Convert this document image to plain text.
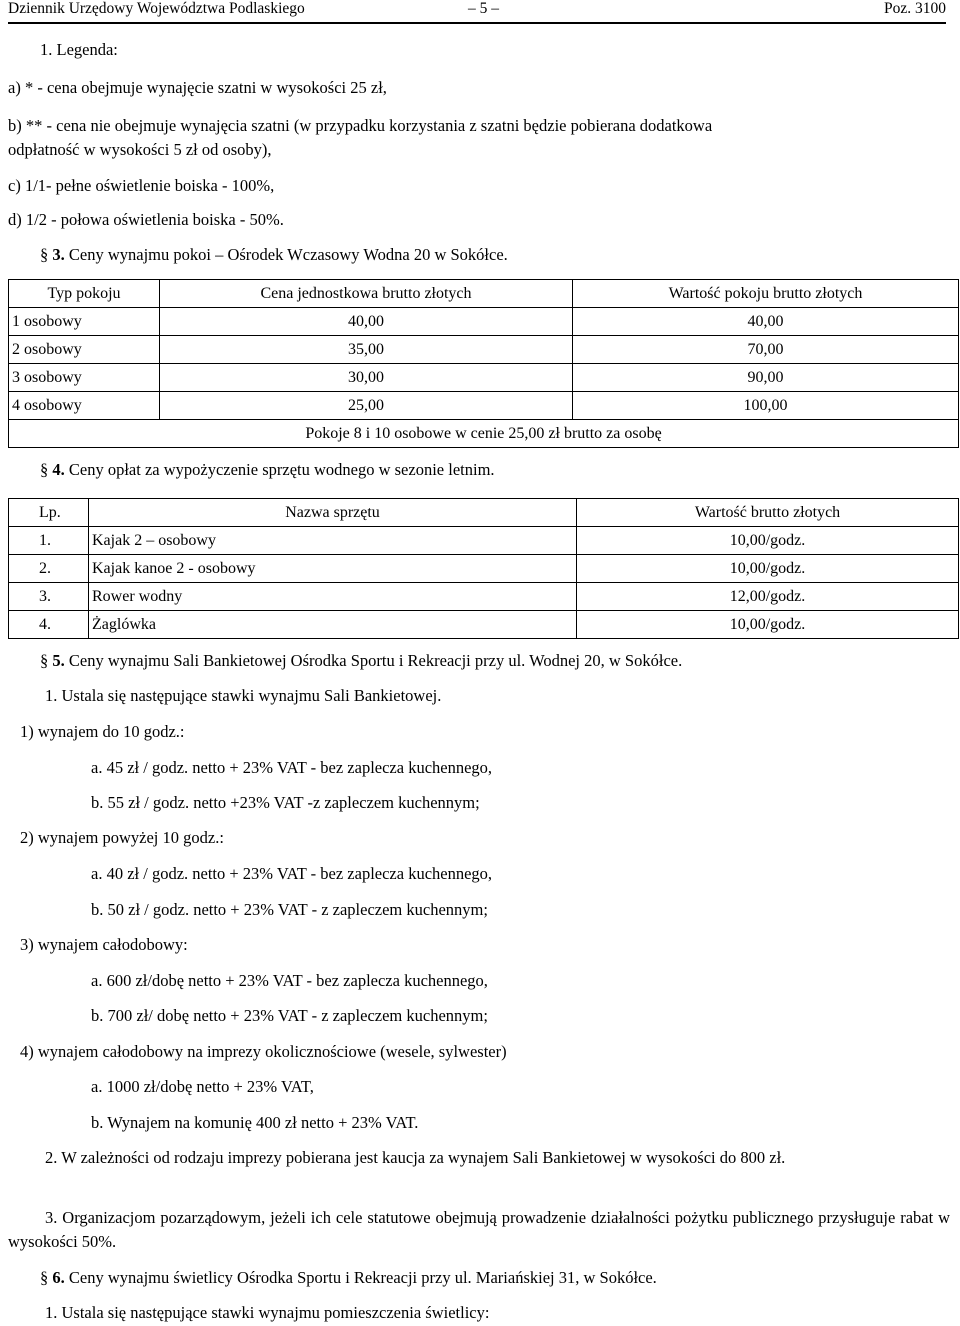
Dziennik Urzędowy Województwa Podlaskiego	– 5 –	Poz. 3100
1. Legenda:
a) * - cena obejmuje wynajęcie szatni w wysokości 25 zł,
b) ** - cena nie obejmuje wynajęcia szatni (w przypadku korzystania z szatni będzie pobierana dodatkowa
odpłatność w wysokości 5 zł od osoby),
c) 1/1- pełne oświetlenie boiska - 100%,
d) 1/2 - połowa oświetlenia boiska - 50%.
§ 3. Ceny wynajmu pokoi – Ośrodek Wczasowy Wodna 20 w Sokółce.
Typ pokoju	Cena jednostkowa brutto złotych	Wartość pokoju brutto złotych
1 osobowy	40,00	40,00
2 osobowy	35,00	70,00
3 osobowy	30,00	90,00
4 osobowy	25,00	100,00
Pokoje 8 i 10 osobowe w cenie 25,00 zł brutto za osobę		
§ 4. Ceny opłat za wypożyczenie sprzętu wodnego w sezonie letnim.
Lp.	Nazwa sprzętu	Wartość brutto złotych
1.	Kajak 2 – osobowy	10,00/godz.
2.	Kajak kanoe 2 - osobowy	10,00/godz.
3.	Rower wodny	12,00/godz.
4.	Żaglówka	10,00/godz.
§ 5. Ceny wynajmu Sali Bankietowej Ośrodka Sportu i Rekreacji przy ul. Wodnej 20, w Sokółce.
1. Ustala się następujące stawki wynajmu Sali Bankietowej.
1) wynajem do 10 godz.:
a. 45 zł / godz. netto + 23% VAT - bez zaplecza kuchennego,
b. 55 zł / godz. netto +23% VAT -z zapleczem kuchennym;
2) wynajem powyżej 10 godz.:
a. 40 zł / godz. netto + 23% VAT - bez zaplecza kuchennego,
b. 50 zł / godz. netto + 23% VAT - z zapleczem kuchennym;
3) wynajem całodobowy:
a. 600 zł/dobę netto + 23% VAT - bez zaplecza kuchennego,
b. 700 zł/ dobę netto + 23% VAT - z zapleczem kuchennym;
4) wynajem całodobowy na imprezy okolicznościowe (wesele, sylwester)
a. 1000 zł/dobę netto + 23% VAT,
b. Wynajem na komunię 400 zł netto + 23% VAT.
2. W zależności od rodzaju imprezy pobierana jest kaucja za wynajem Sali Bankietowej w wysokości do 800 zł.
3. Organizacjom pozarządowym, jeżeli ich cele statutowe obejmują prowadzenie działalności pożytku publicznego przysługuje rabat w wysokości 50%.
§ 6. Ceny wynajmu świetlicy Ośrodka Sportu i Rekreacji przy ul. Mariańskiej 31, w Sokółce.
1. Ustala się następujące stawki wynajmu pomieszczenia świetlicy:
